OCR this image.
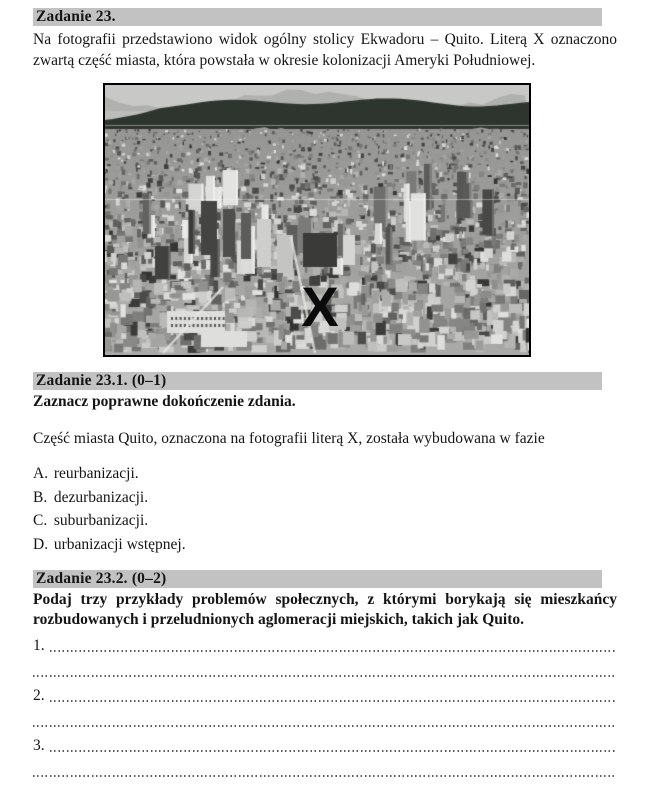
Zadanie 23.

Na fotografii przedstawiono widok ogólny stolicy Ekwadoru – Quito. Literą X oznaczono zwartą część miasta, która powstała w okresie kolonizacji Ameryki Południowej.

X
Zadanie 23.1. (0–1)

Zaznacz poprawne dokończenie zdania.

Część miasta Quito, oznaczona na fotografii literą X, została wybudowana w fazie

A. reurbanizacji.
B. dezurbanizacji.
C. suburbanizacji.
D. urbanizacji wstępnej.
Zadanie 23.2. (0–2)

Podaj trzy przykłady problemów społecznych, z którymi borykają się mieszkańcy rozbudowanych i przeludnionych aglomeracji miejskich, takich jak Quito.

1.
2.
3.
